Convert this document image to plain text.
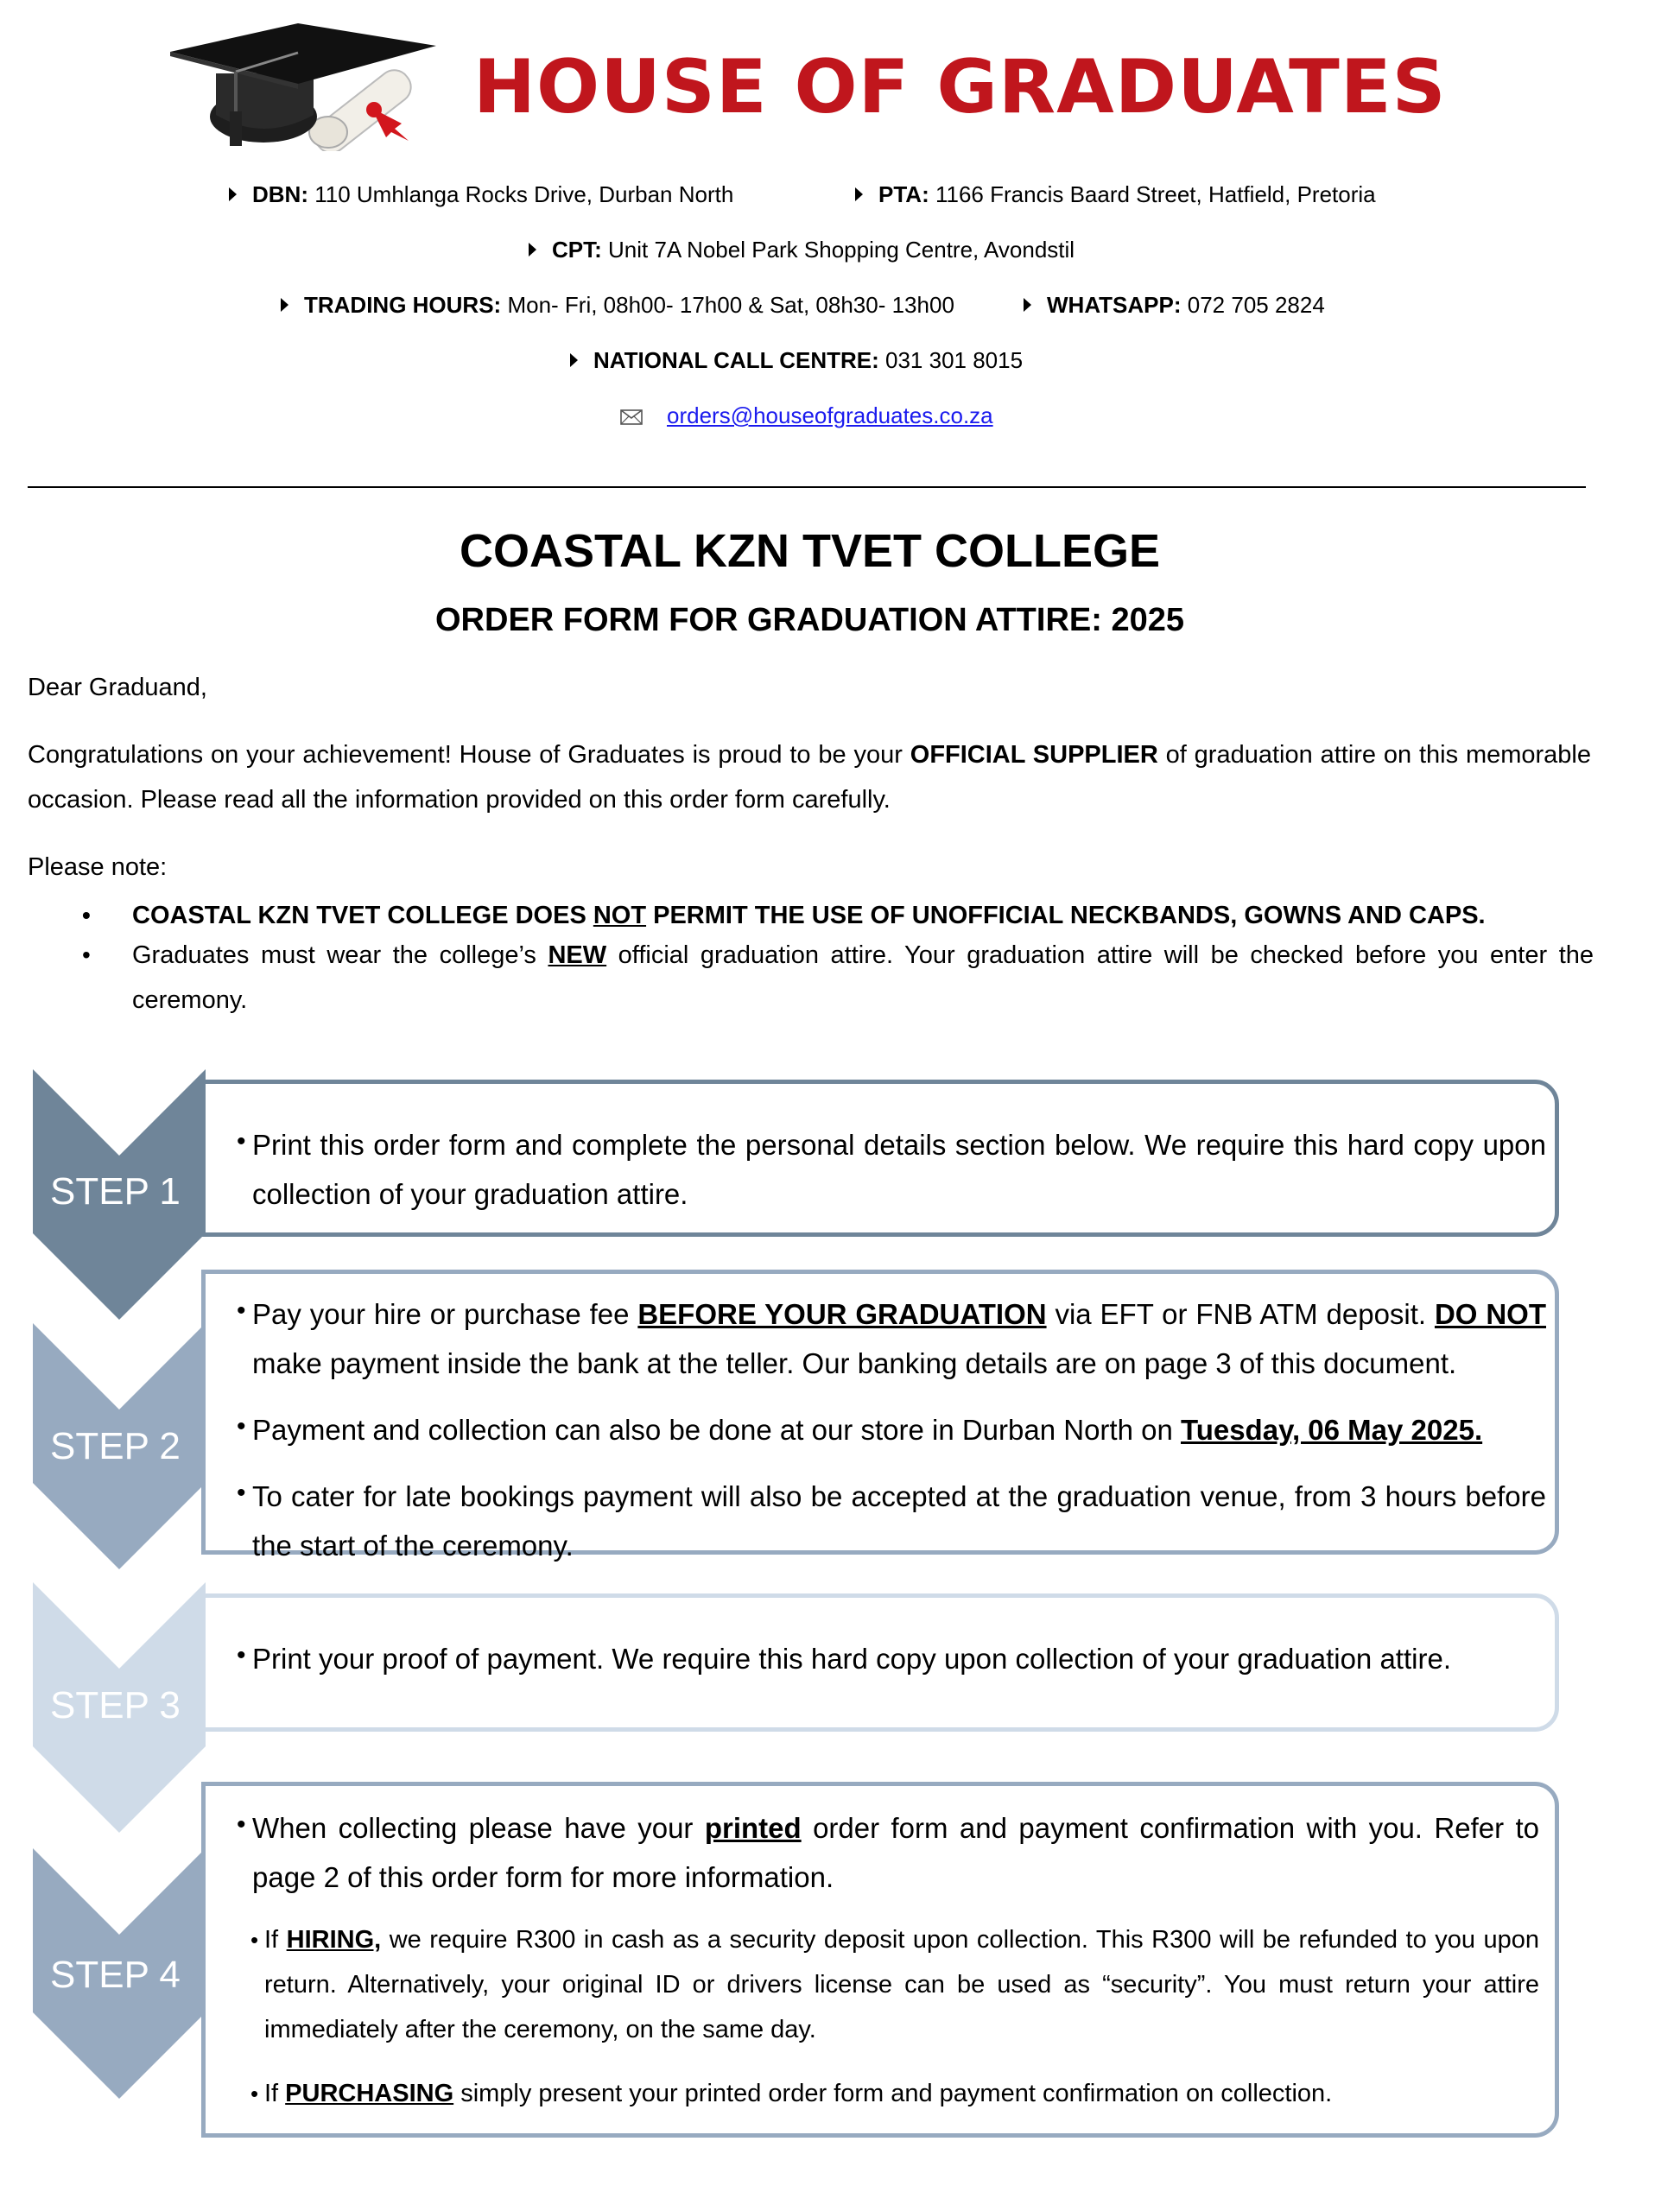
HOUSE OF GRADUATES
DBN: 110 Umhlanga Rocks Drive, Durban North	PTA: 1166 Francis Baard Street, Hatfield, Pretoria
CPT: Unit 7A Nobel Park Shopping Centre, Avondstil
TRADING HOURS: Mon- Fri, 08h00- 17h00 & Sat, 08h30- 13h00	WHATSAPP: 072 705 2824
NATIONAL CALL CENTRE: 031 301 8015
orders@houseofgraduates.co.za
COASTAL KZN TVET COLLEGE
ORDER FORM FOR GRADUATION ATTIRE: 2025
Dear Graduand,
Congratulations on your achievement! House of Graduates is proud to be your OFFICIAL SUPPLIER of graduation attire on this memorable occasion. Please read all the information provided on this order form carefully.
Please note:
• COASTAL KZN TVET COLLEGE DOES NOT PERMIT THE USE OF UNOFFICIAL NECKBANDS, GOWNS AND CAPS.
• Graduates must wear the college’s NEW official graduation attire. Your graduation attire will be checked before you enter the ceremony.
STEP 1
• Print this order form and complete the personal details section below. We require this hard copy upon collection of your graduation attire.
STEP 2
• Pay your hire or purchase fee BEFORE YOUR GRADUATION via EFT or FNB ATM deposit. DO NOT make payment inside the bank at the teller. Our banking details are on page 3 of this document.
• Payment and collection can also be done at our store in Durban North on Tuesday, 06 May 2025.
• To cater for late bookings payment will also be accepted at the graduation venue, from 3 hours before the start of the ceremony.
STEP 3
• Print your proof of payment. We require this hard copy upon collection of your graduation attire.
STEP 4
• When collecting please have your printed order form and payment confirmation with you. Refer to page 2 of this order form for more information.
• If HIRING, we require R300 in cash as a security deposit upon collection. This R300 will be refunded to you upon return. Alternatively, your original ID or drivers license can be used as “security”. You must return your attire immediately after the ceremony, on the same day.
• If PURCHASING simply present your printed order form and payment confirmation on collection.
